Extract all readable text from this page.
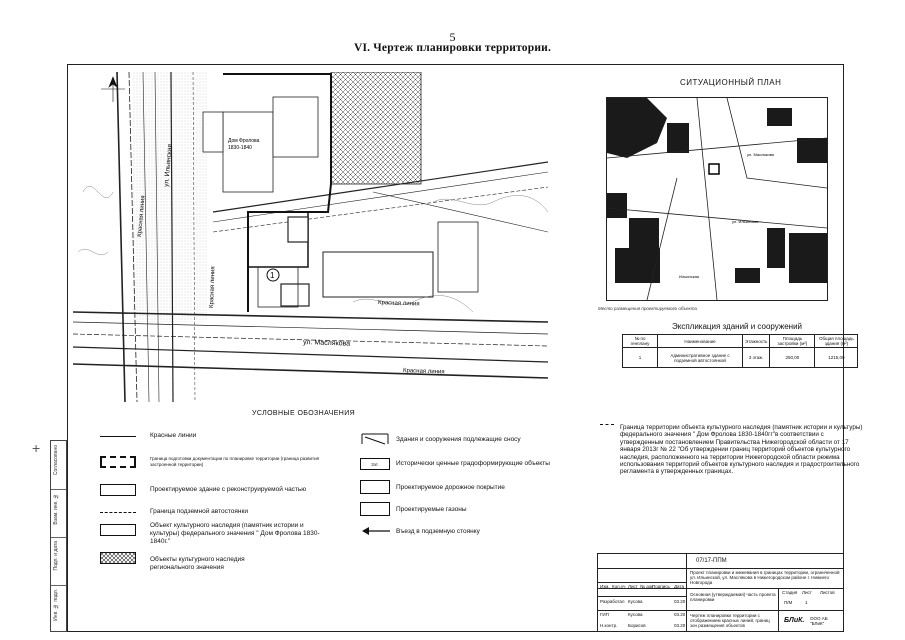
5
VI. Чертеж планировки территории.
+	Согласовано
Взам. инв. №
Подп. и дата
Инв. № подл.
1
Красная линия
ул. Ильинская
Красная линия
ул. Маслякова
Красная линия
Красная линия
Дом Фролова
1830-1840
СИТУАЦИОННЫЙ ПЛАН
ул. Маслякова
ул. Ильинская
Ильинская
Место размещения проектируемого объекта
Экспликация зданий и сооружений
№ по генплану	Наименование	Этажность	Площадь застройки (м²)	Общая площадь здания (м²)
1	Административное здание с подземной автостоянкой	3 этаж.	250,00	1215,00
УСЛОВНЫЕ ОБОЗНАЧЕНИЯ
Красные линии
Граница подготовки документации по планировке территории (граница развития застроенной территории)
Проектируемое здание с реконструируемой частью
Граница подземной автостоянки
Объект культурного наследия (памятник истории и культуры) федерального значения " Дом Фролова 1830-1840г."
Объекты культурного наследия регионального значения
Здания и сооружения подлежащие сносу
3эт.	Исторически ценные градоформирующие объекты
Проектируемое дорожное покрытие
Проектируемые газоны
Въезд в подземную стоянку
Граница территории объекта культурного наследия (памятник истории и культуры) федерального значения " Дом Фролова 1830-1840гг"в соответствии с утвержденным постановлением Правительства Нижегородской области от 17 января 2013г № 22 "Об утверждении границ территорий объектов культурного наследия, расположенного на территории Нижегородской области режима использования территорий объектов культурного наследия и градостроительного регламента в утвержденных границах.
07/17-ППМ
Проект планировки и межевания в границах территории, ограниченной ул. Ильинской, ул. Маслякова в Нижегородском районе г. Нижнего Новгорода
Основная (утверждаемая) часть проекта планировки
Чертеж планировки территории с отображением красных линий, границ зон размещения объектов
Стадия Лист Листов
П/М	1
БЛиК. ООО АБ "БЛиК"
Изм. Кол.уч Лист № док
Подпись Дата
Разработал Кусова	03.20
ГИП	Кусова	03.20
Н.контр. Борисов	03.20
